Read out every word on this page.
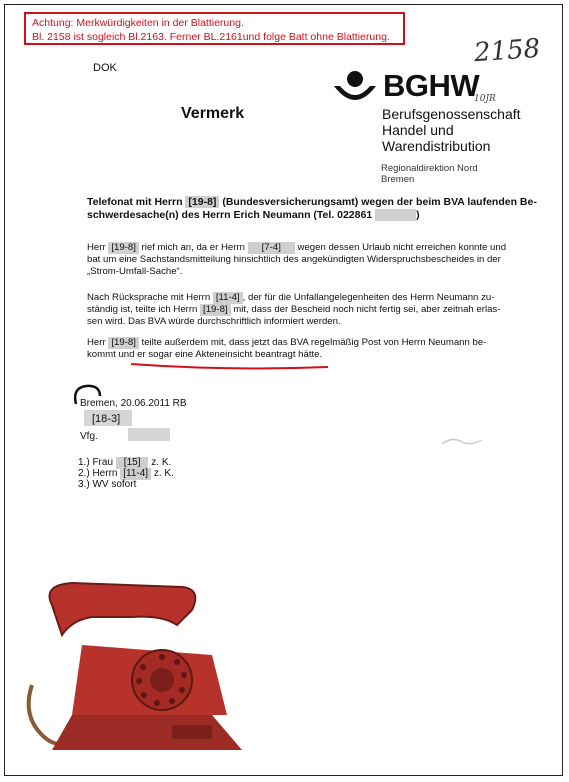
Achtung: Merkwürdigkeiten in der Blattierung.
Bl. 2158 ist sogleich Bl.2163. Ferner BL.2161und folge Batt ohne Blattierung.	2158
DOK	BGHW
10JR
Berufsgenossenschaft
Handel und
Warendistribution
Regionaldirektion Nord
Bremen
Vermerk
Telefonat mit Herrn [19-8] (Bundesversicherungsamt) wegen der beim BVA laufenden Be-
schwerdesache(n) des Herrn Erich Neumann (Tel. 022861	)
Herr [19-8] rief mich an, da er Herrn [7-4] wegen dessen Urlaub nicht erreichen konnte und
bat um eine Sachstandsmitteilung hinsichtlich des angekündigten Widerspruchsbescheides in der
„Strom-Umfall-Sache“.
Nach Rücksprache mit Herrn [11-4] , der für die Unfallangelegenheiten des Herrn Neumann zu-
ständig ist, teilte ich Herrn [19-8] mit, dass der Bescheid noch nicht fertig sei, aber zeitnah erlas-
sen wird. Das BVA würde durchschriftlich informiert werden.
Herr [19-8] teilte außerdem mit, dass jetzt das BVA regelmäßig Post von Herrn Neumann be-
kommt und er sogar eine Akteneinsicht beantragt hätte.
Bremen, 20.06.2011 RB
[18-3]
Vfg.
1.) Frau [15] z. K.
2.) Herrn [11-4] z. K.
3.) WV sofort
